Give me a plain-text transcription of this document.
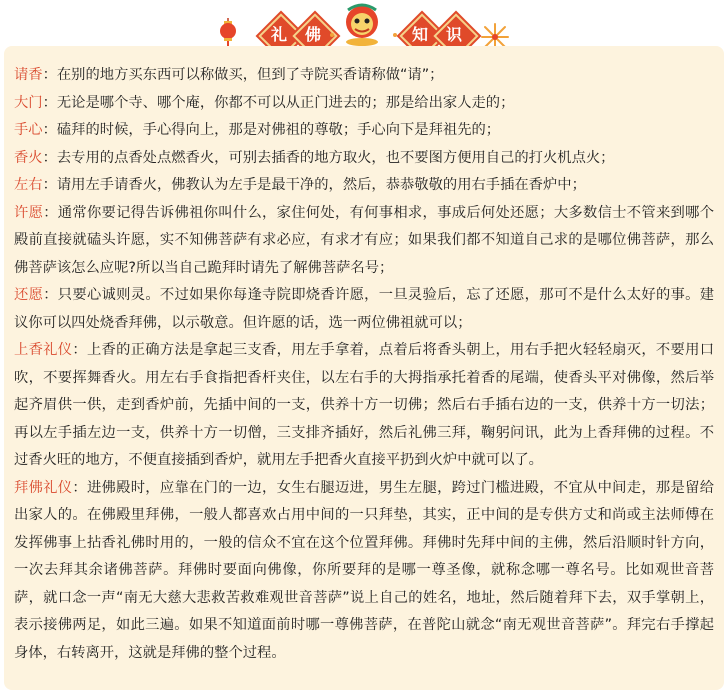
礼	佛	知	识

请香：在别的地方买东西可以称做买，但到了寺院买香请称做“请”；

大门：无论是哪个寺、哪个庵，你都不可以从正门进去的；那是给出家人走的；

手心：磕拜的时候，手心得向上，那是对佛祖的尊敬；手心向下是拜祖先的；

香火：去专用的点香处点燃香火，可别去插香的地方取火，也不要图方便用自己的打火机点火；

左右：请用左手请香火，佛教认为左手是最干净的，然后，恭恭敬敬的用右手插在香炉中；

许愿：通常你要记得告诉佛祖你叫什么，家住何处，有何事相求，事成后何处还愿；大多数信士不管来到哪个殿前直接就磕头许愿，实不知佛菩萨有求必应，有求才有应；如果我们都不知道自己求的是哪位佛菩萨，那么佛菩萨该怎么应呢?所以当自己跪拜时请先了解佛菩萨名号；

还愿：只要心诚则灵。不过如果你每逢寺院即烧香许愿，一旦灵验后，忘了还愿，那可不是什么太好的事。建议你可以四处烧香拜佛，以示敬意。但许愿的话，选一两位佛祖就可以；

上香礼仪：上香的正确方法是拿起三支香，用左手拿着，点着后将香头朝上，用右手把火轻轻扇灭，不要用口吹，不要挥舞香火。用左右手食指把香杆夹住，以左右手的大拇指承托着香的尾端，使香头平对佛像，然后举起齐眉供一供，走到香炉前，先插中间的一支，供养十方一切佛；然后右手插右边的一支，供养十方一切法；再以左手插左边一支，供养十方一切僧，三支排齐插好，然后礼佛三拜，鞠躬问讯，此为上香拜佛的过程。不过香火旺的地方，不便直接插到香炉，就用左手把香火直接平扔到火炉中就可以了。

拜佛礼仪：进佛殿时，应靠在门的一边，女生右腿迈进，男生左腿，跨过门槛进殿，不宜从中间走，那是留给出家人的。在佛殿里拜佛，一般人都喜欢占用中间的一只拜垫，其实，正中间的是专供方丈和尚或主法师傅在发挥佛事上拈香礼佛时用的，一般的信众不宜在这个位置拜佛。拜佛时先拜中间的主佛，然后沿顺时针方向，一次去拜其余诸佛菩萨。拜佛时要面向佛像，你所要拜的是哪一尊圣像，就称念哪一尊名号。比如观世音菩萨，就口念一声“南无大慈大悲救苦救难观世音菩萨”说上自己的姓名，地址，然后随着拜下去，双手掌朝上，表示接佛两足，如此三遍。如果不知道面前时哪一尊佛菩萨，在普陀山就念“南无观世音菩萨”。拜完右手撑起身体，右转离开，这就是拜佛的整个过程。
